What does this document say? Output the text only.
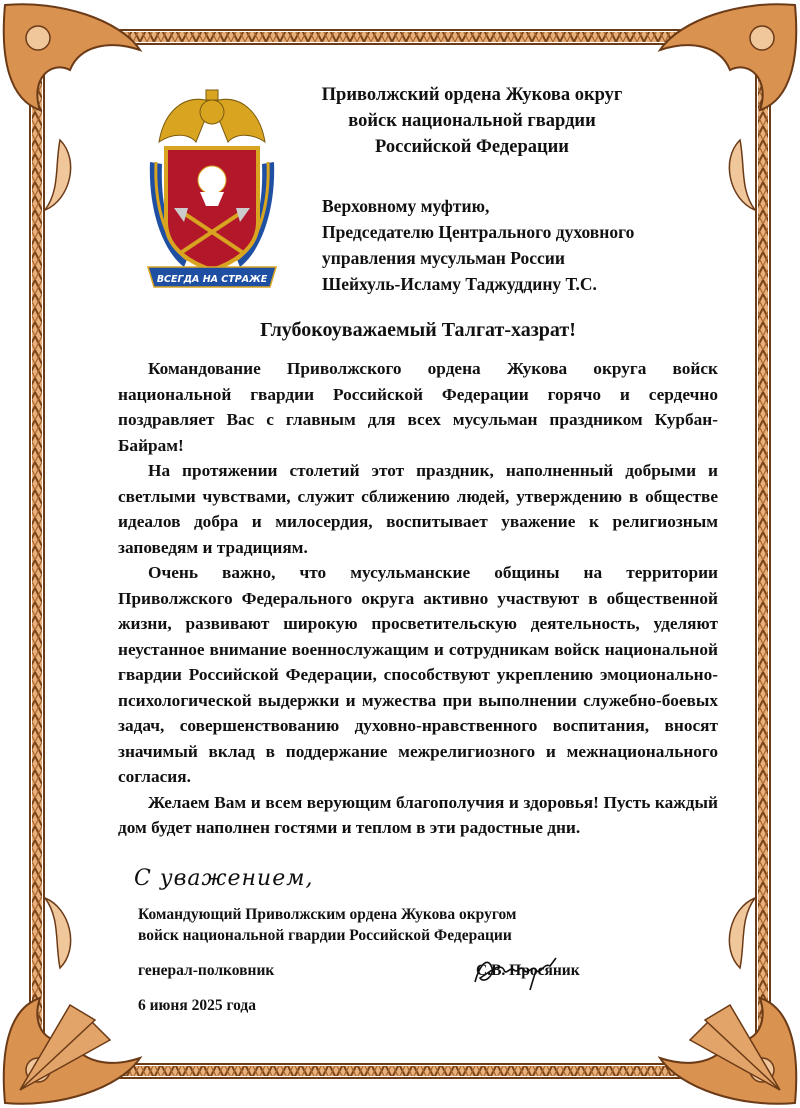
ВСЕГДА НА СТРАЖЕ
Приволжский ордена Жукова округ
войск национальной гвардии
Российской Федерации
Верховному муфтию,
Председателю Центрального духовного
управления мусульман России
Шейхуль-Исламу Таджуддину Т.С.
Глубокоуважаемый Талгат-хазрат!

Командование Приволжского ордена Жукова округа войск национальной гвардии Российской Федерации горячо и сердечно поздравляет Вас с главным для всех мусульман праздником Курбан-Байрам!

На протяжении столетий этот праздник, наполненный добрыми и светлыми чувствами, служит сближению людей, утверждению в обществе идеалов добра и милосердия, воспитывает уважение к религиозным заповедям и традициям.

Очень важно, что мусульманские общины на территории Приволжского Федерального округа активно участвуют в общественной жизни, развивают широкую просветительскую деятельность, уделяют неустанное внимание военнослужащим и сотрудникам войск национальной гвардии Российской Федерации, способствуют укреплению эмоционально-психологической выдержки и мужества при выполнении служебно-боевых задач, совершенствованию духовно-нравственного воспитания, вносят значимый вклад в поддержание межрелигиозного и межнационального согласия.

Желаем Вам и всем верующим благополучия и здоровья! Пусть каждый дом будет наполнен гостями и теплом в эти радостные дни.

С уважением,
Командующий Приволжским ордена Жукова округом
войск национальной гвардии Российской Федерации
генерал-полковник	С.В. Просяник
6 июня 2025 года
